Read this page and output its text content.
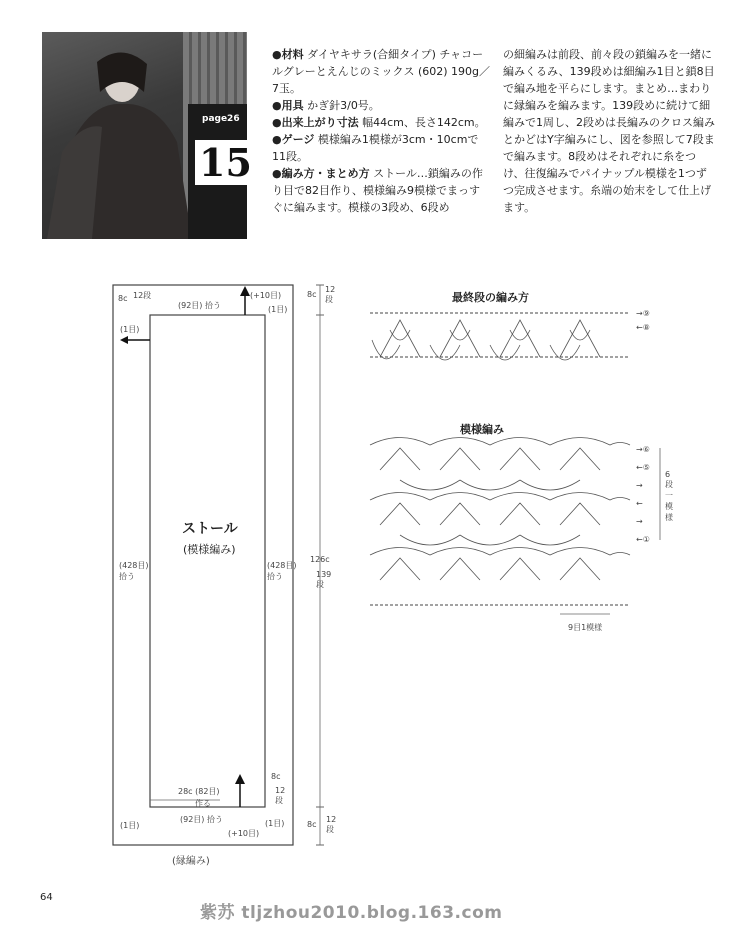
page26
15

●材料 ダイヤキサラ(合細タイプ) チャコールグレーとえんじのミックス (602) 190g／7玉。

●用具 かぎ針3/0号。

●出来上がり寸法 幅44cm、長さ142cm。

●ゲージ 模様編み1模様が3cm・10cmで11段。

●編み方・まとめ方 ストール…鎖編みの作り目で82目作り、模様編み9模様でまっすぐに編みます。模様の3段め、6段め

の細編みは前段、前々段の鎖編みを一緒に編みくるみ、139段めは細編み1目と鎖8目で編み地を平らにします。まとめ…まわりに縁編みを編みます。139段めに続けて細編みで1周し、2段めは長編みのクロス編みとかどはY字編みにし、図を参照して7段まで編みます。8段めはそれぞれに糸をつけ、往復編みでパイナップル模様を1つずつ完成させます。糸端の始末をして仕上げます。
ストール
(模様編み)
8c 12段
(92目) 拾う
(+10目)
(1目)
(1目)
(428目) 拾う
(428目) 拾う
8c
12段
126c
139段
28c (82目)
作る
8c
12段
(1目)
(92目) 拾う	(1目)
(+10目)
8c
12段
(縁編み)
最終段の編み方
→⑨
←⑧
模様編み
→⑥
←⑤
→
←
→
←①
6段一模様
9目1模様
64
紫苏 tljzhou2010.blog.163.com
